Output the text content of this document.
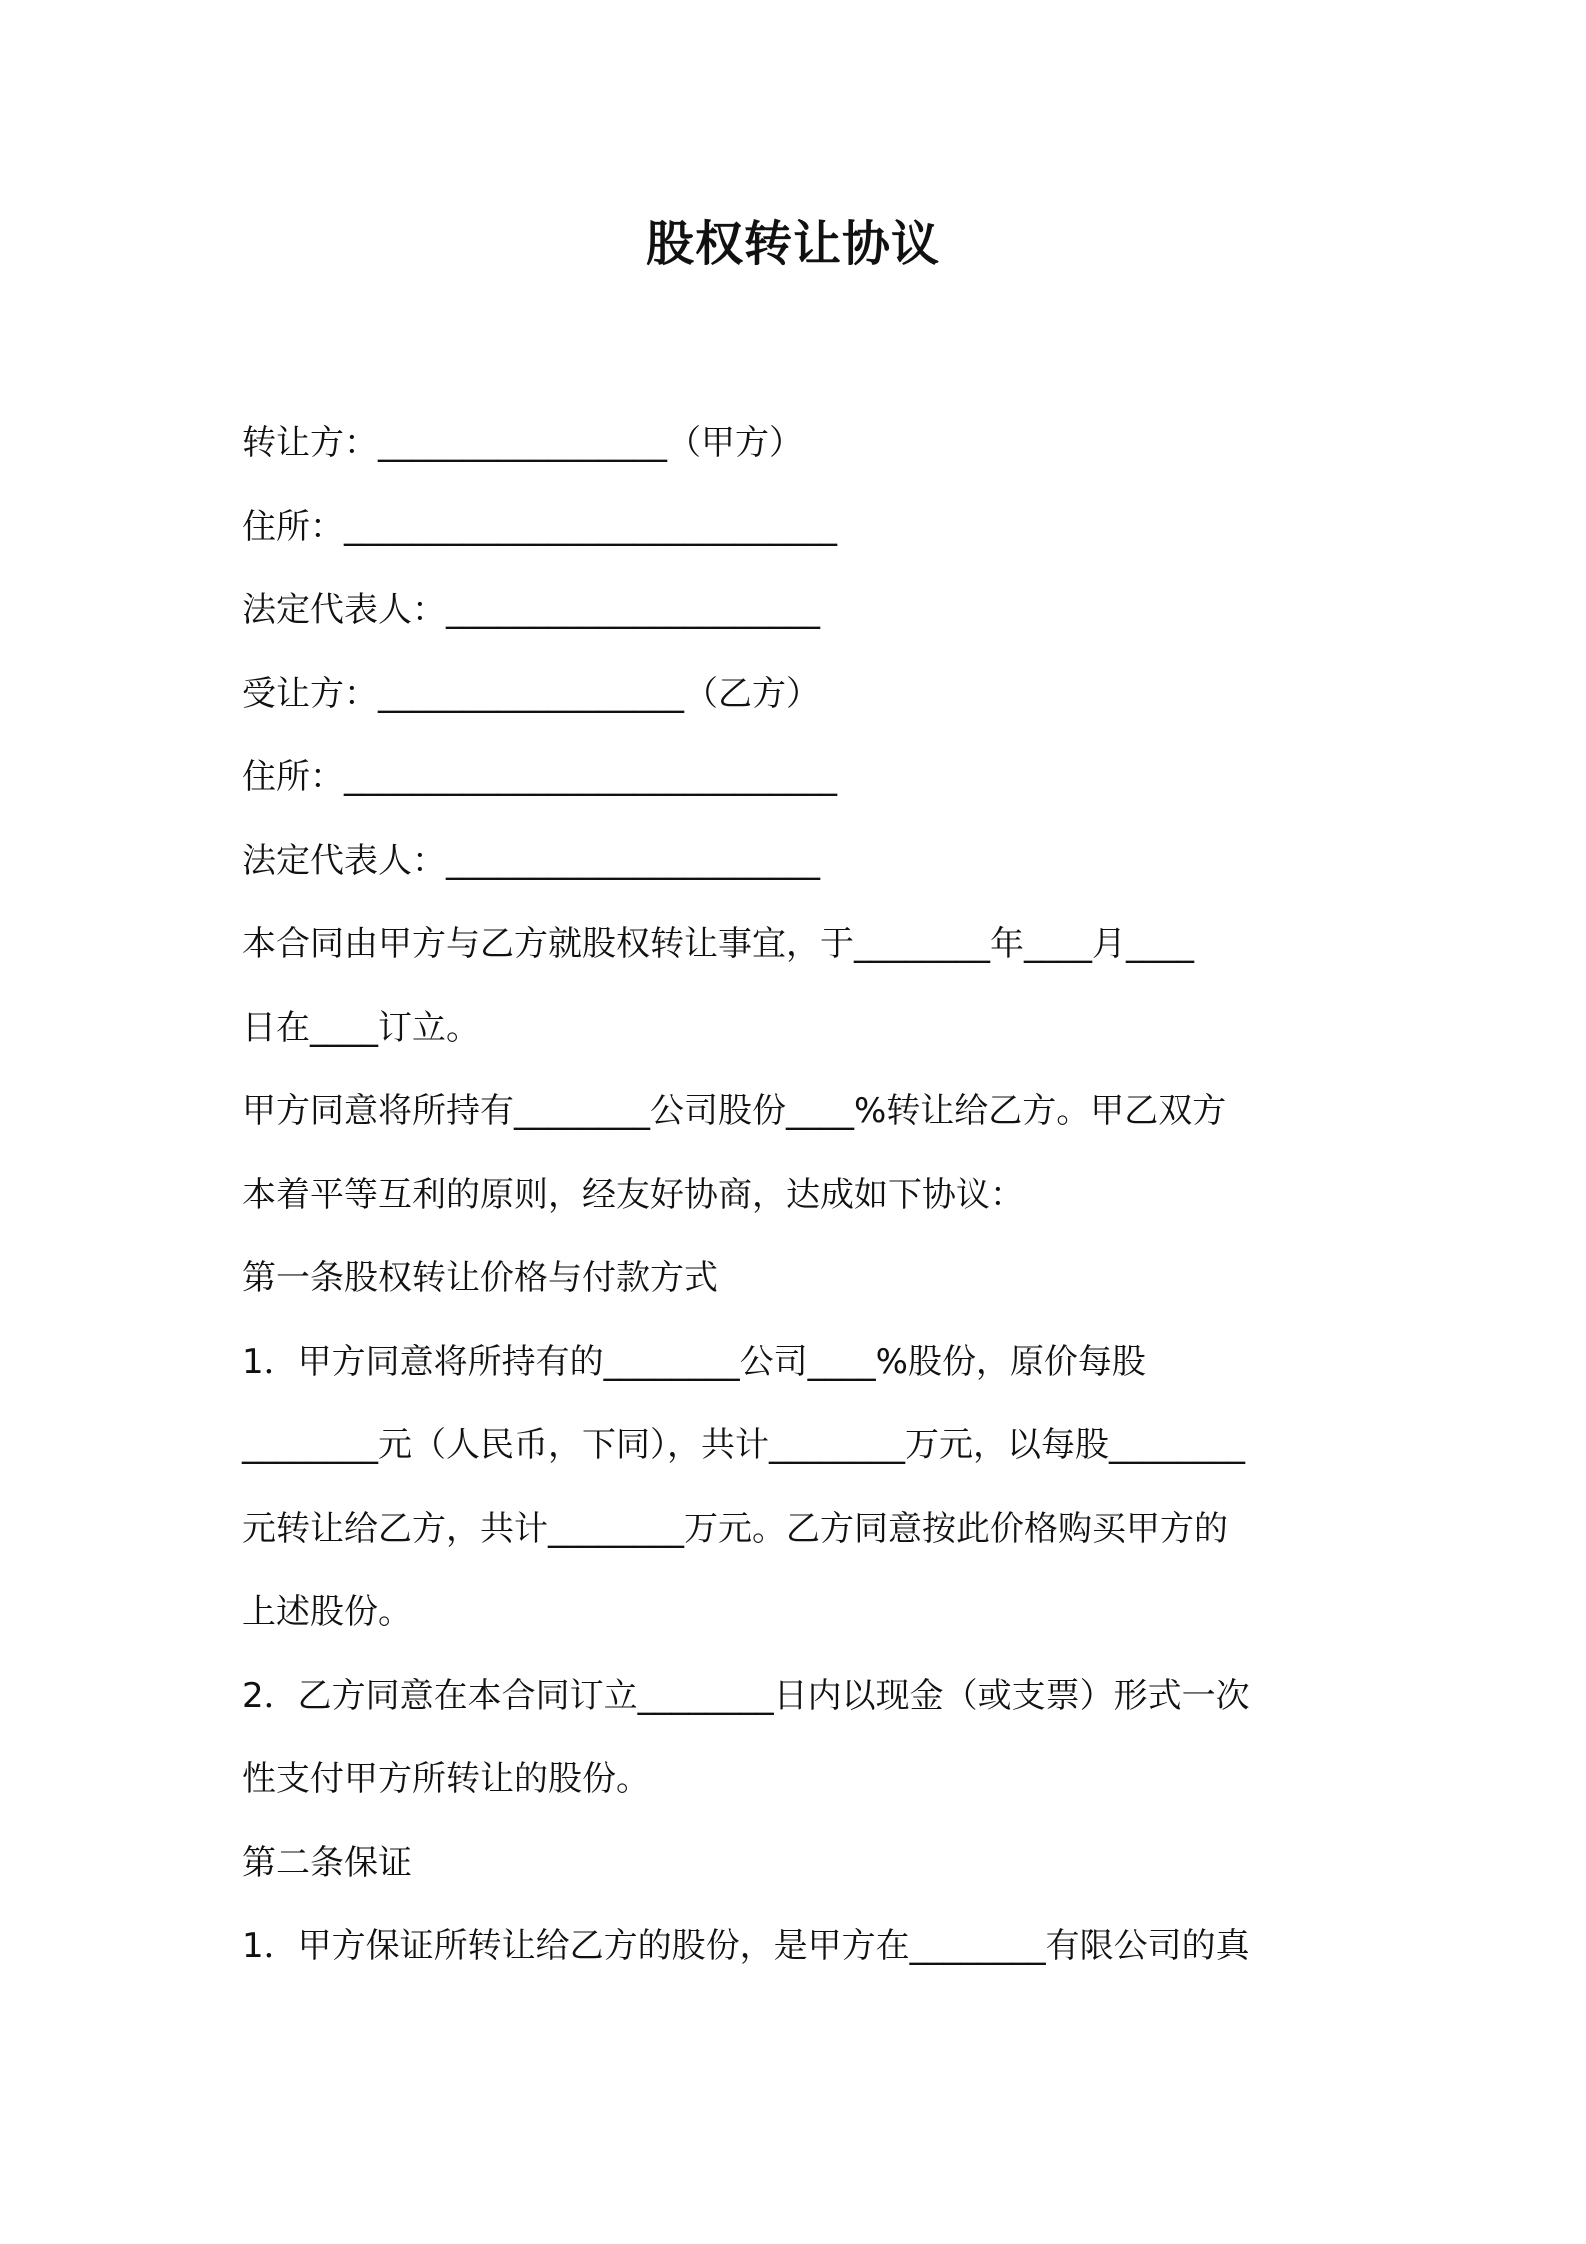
股权转让协议

转让方：_________________（甲方）

住所：_____________________________

法定代表人：______________________

受让方：__________________（乙方）

住所：_____________________________

法定代表人：______________________

本合同由甲方与乙方就股权转让事宜，于________年____月____

日在____订立。

甲方同意将所持有________公司股份____%转让给乙方。甲乙双方

本着平等互利的原则，经友好协商，达成如下协议：

第一条股权转让价格与付款方式

1．甲方同意将所持有的________公司____%股份，原价每股

________元（人民币，下同），共计________万元，以每股________

元转让给乙方，共计________万元。乙方同意按此价格购买甲方的

上述股份。

2．乙方同意在本合同订立________日内以现金（或支票）形式一次

性支付甲方所转让的股份。

第二条保证

1．甲方保证所转让给乙方的股份，是甲方在________有限公司的真
